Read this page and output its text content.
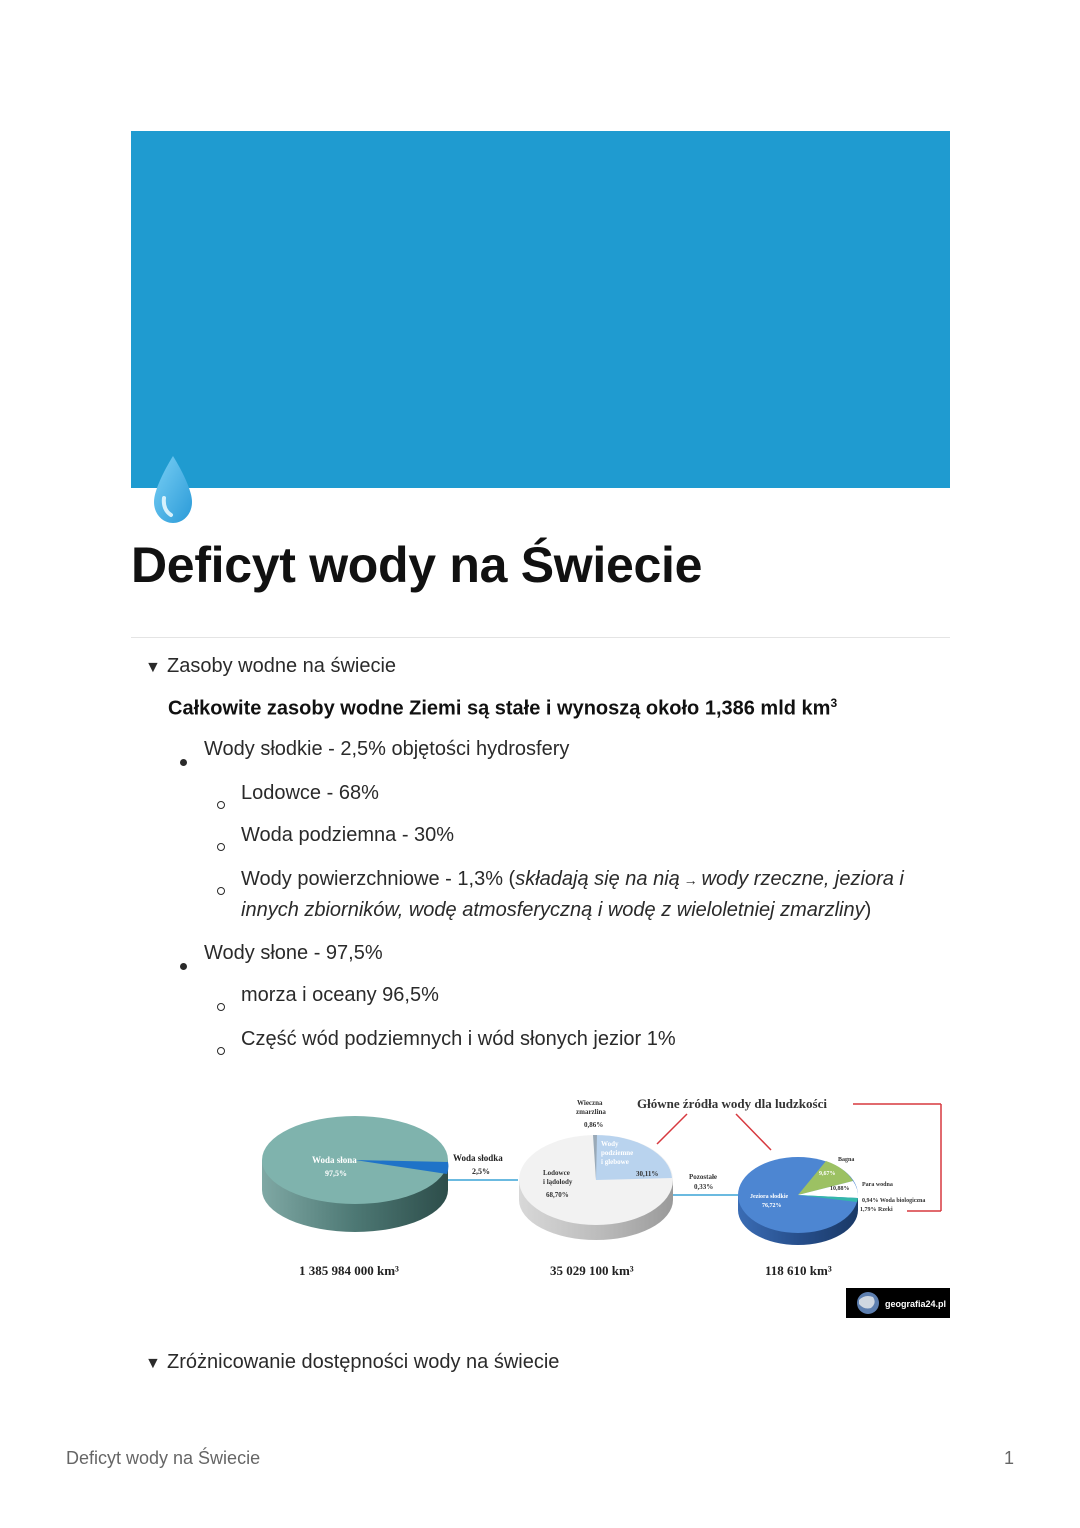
Deficyt wody na Świecie
▼ Zasoby wodne na świecie
Całkowite zasoby wodne Ziemi są stałe i wynoszą około 1,386 mld $km^3$
Wody słodkie - 2,5% objętości hydrosfery
Lodowce - 68%
Woda podziemna - 30%
Wody powierzchniowe - 1,3% (składają się na nią → wody rzeczne, jeziora i
innych zbiorników, wodę atmosferyczną i wodę z wieloletniej zmarzliny)
Wody słone - 97,5%
morza i oceany 96,5%
Część wód podziemnych i wód słonych jezior 1%
Woda słona
97,5%
Woda słodka
2,5%	Lodowce
i lądolody
68,70%
Wody
podziemne
i glebowe
30,11%
Wieczna
zmarzlina
0,86%
Pozostałe
0,33%
Główne źródła wody dla ludzkości
Jeziora słodkie
76,72%
9,67%
Bagna
10,88%
Para wodna
0,94% Woda biologiczna
1,79% Rzeki
1 385 984 000 km³	35 029 100 km³	118 610 km³
geografia24.pl
▼ Zróżnicowanie dostępności wody na świecie
Deficyt wody na Świecie	1
